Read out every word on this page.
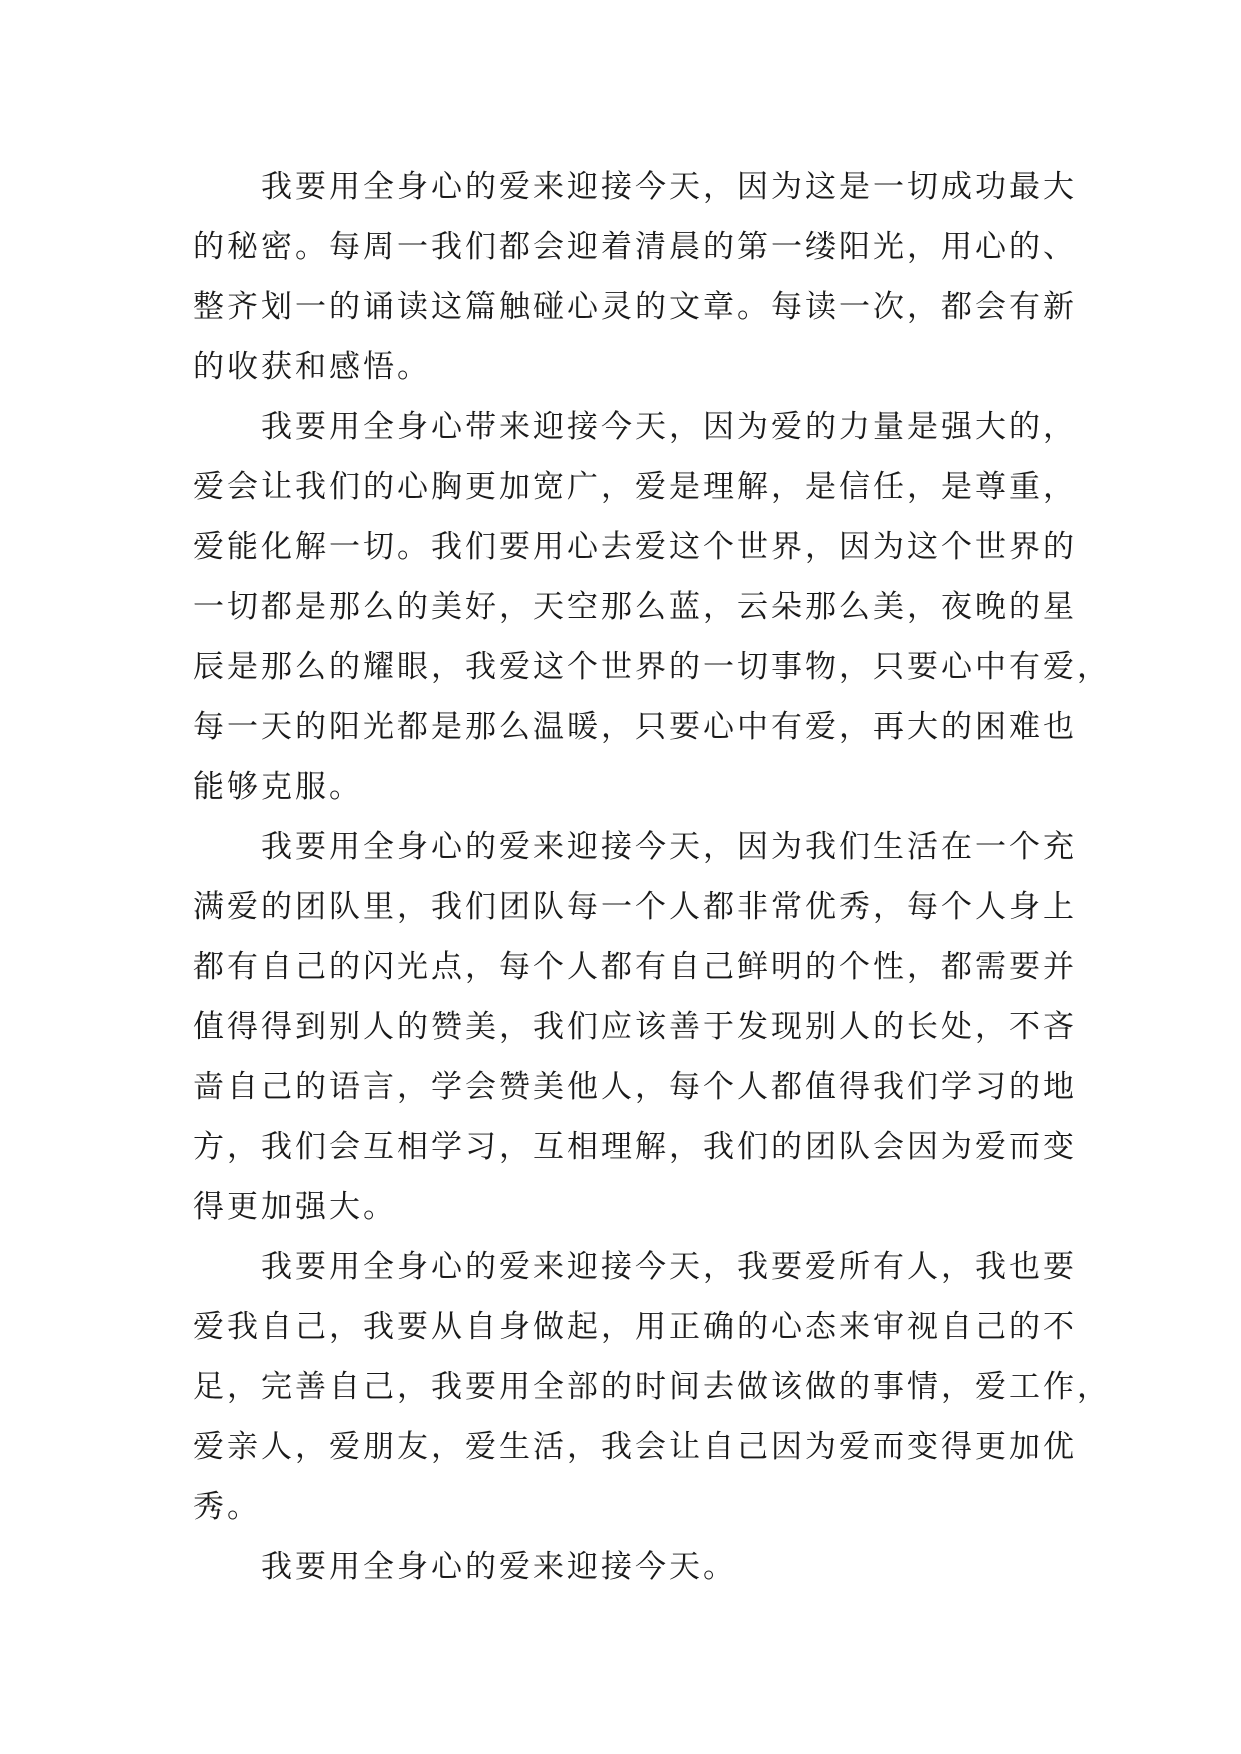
我要用全身心的爱来迎接今天，因为这是一切成功最大
的秘密。每周一我们都会迎着清晨的第一缕阳光，用心的、
整齐划一的诵读这篇触碰心灵的文章。每读一次，都会有新
的收获和感悟。
我要用全身心带来迎接今天，因为爱的力量是强大的，
爱会让我们的心胸更加宽广，爱是理解，是信任，是尊重，
爱能化解一切。我们要用心去爱这个世界，因为这个世界的
一切都是那么的美好，天空那么蓝，云朵那么美，夜晚的星
辰是那么的耀眼，我爱这个世界的一切事物，只要心中有爱，
每一天的阳光都是那么温暖，只要心中有爱，再大的困难也
能够克服。
我要用全身心的爱来迎接今天，因为我们生活在一个充
满爱的团队里，我们团队每一个人都非常优秀，每个人身上
都有自己的闪光点，每个人都有自己鲜明的个性，都需要并
值得得到别人的赞美，我们应该善于发现别人的长处，不吝
啬自己的语言，学会赞美他人，每个人都值得我们学习的地
方，我们会互相学习，互相理解，我们的团队会因为爱而变
得更加强大。
我要用全身心的爱来迎接今天，我要爱所有人，我也要
爱我自己，我要从自身做起，用正确的心态来审视自己的不
足，完善自己，我要用全部的时间去做该做的事情，爱工作，
爱亲人，爱朋友，爱生活，我会让自己因为爱而变得更加优
秀。
我要用全身心的爱来迎接今天。
